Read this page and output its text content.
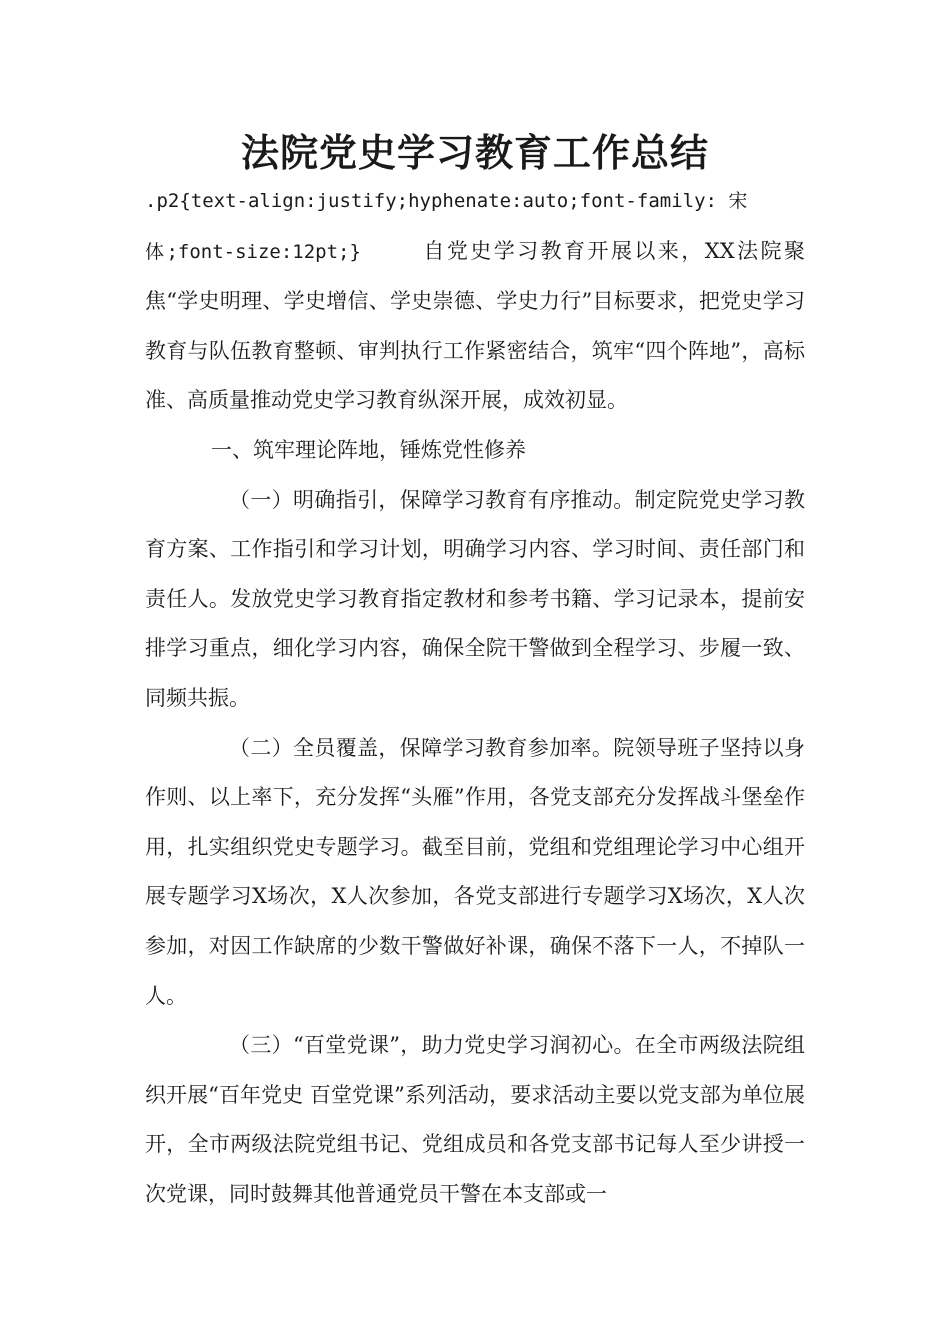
法院党史学习教育工作总结

.p2{text-align:justify;hyphenate:auto;font-family: 宋
体;font-size:12pt;}	自党史学习教育开展以来，XX法院聚焦“学史明理、学史增信、学史崇德、学史力行”目标要求，把党史学习教育与队伍教育整顿、审判执行工作紧密结合，筑牢“四个阵地”，高标准、高质量推动党史学习教育纵深开展，成效初显。

一、筑牢理论阵地，锤炼党性修养

（一）明确指引，保障学习教育有序推动。制定院党史学习教育方案、工作指引和学习计划，明确学习内容、学习时间、责任部门和责任人。发放党史学习教育指定教材和参考书籍、学习记录本，提前安排学习重点，细化学习内容，确保全院干警做到全程学习、步履一致、同频共振。

（二）全员覆盖，保障学习教育参加率。院领导班子坚持以身作则、以上率下，充分发挥“头雁”作用，各党支部充分发挥战斗堡垒作用，扎实组织党史专题学习。截至目前，党组和党组理论学习中心组开展专题学习X场次，X人次参加，各党支部进行专题学习X场次，X人次参加，对因工作缺席的少数干警做好补课，确保不落下一人，不掉队一人。

（三）“百堂党课”，助力党史学习润初心。在全市两级法院组织开展“百年党史 百堂党课”系列活动，要求活动主要以党支部为单位展开，全市两级法院党组书记、党组成员和各党支部书记每人至少讲授一次党课，同时鼓舞其他普通党员干警在本支部或一
